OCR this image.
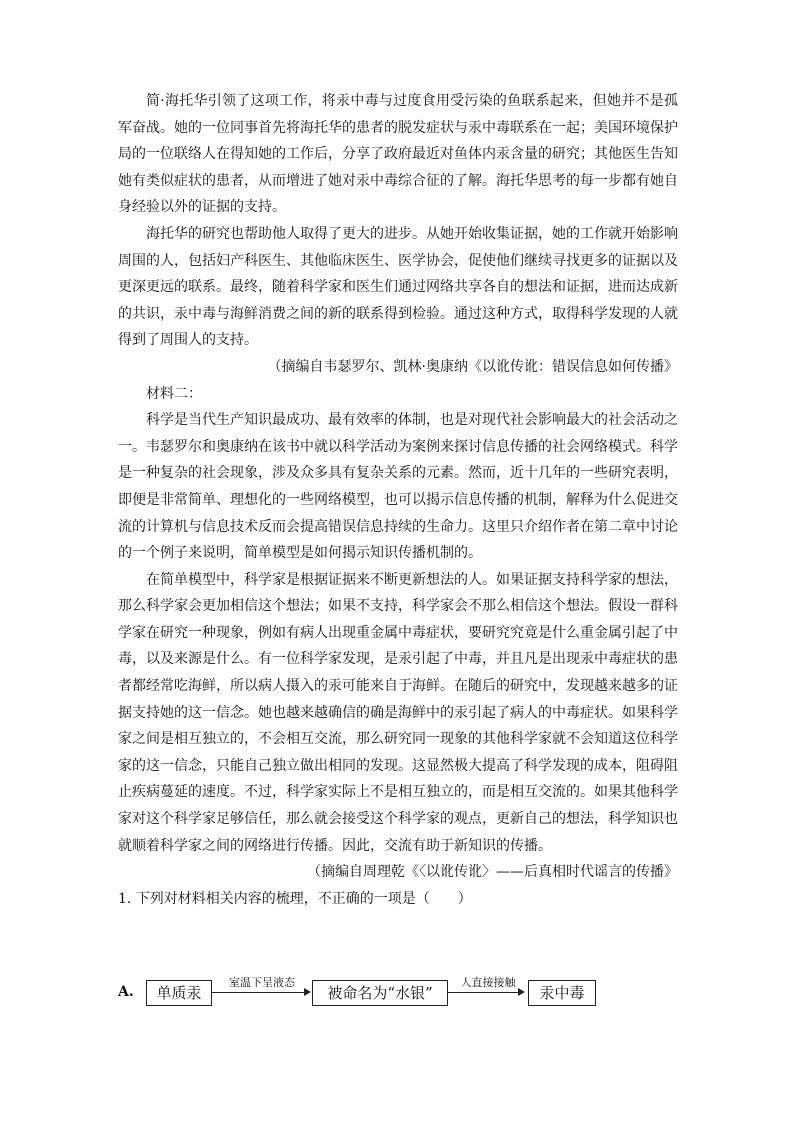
简·海托华引领了这项工作，将汞中毒与过度食用受污染的鱼联系起来，但她并不是孤军奋战。她的一位同事首先将海托华的患者的脱发症状与汞中毒联系在一起；美国环境保护局的一位联络人在得知她的工作后，分享了政府最近对鱼体内汞含量的研究；其他医生告知她有类似症状的患者，从而增进了她对汞中毒综合征的了解。海托华思考的每一步都有她自身经验以外的证据的支持。

海托华的研究也帮助他人取得了更大的进步。从她开始收集证据，她的工作就开始影响周围的人，包括妇产科医生、其他临床医生、医学协会，促使他们继续寻找更多的证据以及更深更远的联系。最终，随着科学家和医生们通过网络共享各自的想法和证据，进而达成新的共识，汞中毒与海鲜消费之间的新的联系得到检验。通过这种方式，取得科学发现的人就得到了周围人的支持。

（摘编自韦瑟罗尔、凯林·奥康纳《以讹传讹：错误信息如何传播》

材料二：

科学是当代生产知识最成功、最有效率的体制，也是对现代社会影响最大的社会活动之一。韦瑟罗尔和奥康纳在该书中就以科学活动为案例来探讨信息传播的社会网络模式。科学是一种复杂的社会现象，涉及众多具有复杂关系的元素。然而，近十几年的一些研究表明，即便是非常简单、理想化的一些网络模型，也可以揭示信息传播的机制，解释为什么促进交流的计算机与信息技术反而会提高错误信息持续的生命力。这里只介绍作者在第二章中讨论的一个例子来说明，简单模型是如何揭示知识传播机制的。

在简单模型中，科学家是根据证据来不断更新想法的人。如果证据支持科学家的想法，那么科学家会更加相信这个想法；如果不支持，科学家会不那么相信这个想法。假设一群科学家在研究一种现象，例如有病人出现重金属中毒症状，要研究究竟是什么重金属引起了中毒，以及来源是什么。有一位科学家发现，是汞引起了中毒，并且凡是出现汞中毒症状的患者都经常吃海鲜，所以病人摄入的汞可能来自于海鲜。在随后的研究中，发现越来越多的证据支持她的这一信念。她也越来越确信的确是海鲜中的汞引起了病人的中毒症状。如果科学家之间是相互独立的，不会相互交流，那么研究同一现象的其他科学家就不会知道这位科学家的这一信念，只能自己独立做出相同的发现。这显然极大提高了科学发现的成本，阻碍阻止疾病蔓延的速度。不过，科学家实际上不是相互独立的，而是相互交流的。如果其他科学家对这个科学家足够信任，那么就会接受这个科学家的观点，更新自己的想法，科学知识也就顺着科学家之间的网络进行传播。因此，交流有助于新知识的传播。

（摘编自周理乾《〈以讹传讹〉——后真相时代谣言的传播》

1. 下列对材料相关内容的梳理，不正确的一项是（　　）

A.	单质汞
室温下呈液态
被命名为“水银”
人直接接触
汞中毒
